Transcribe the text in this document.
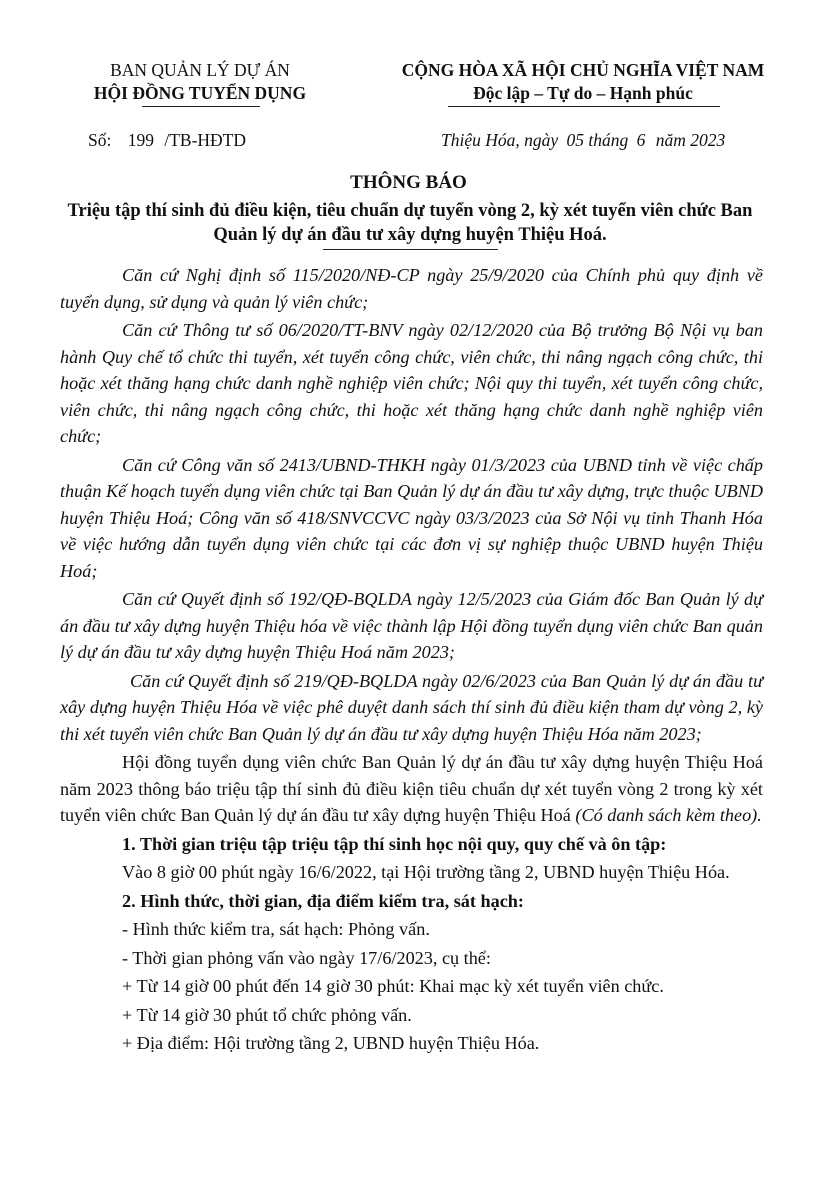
BAN QUẢN LÝ DỰ ÁN
HỘI ĐỒNG TUYỂN DỤNG
CỘNG HÒA XÃ HỘI CHỦ NGHĨA VIỆT NAM
Độc lập – Tự do – Hạnh phúc
Số: 199 /TB-HĐTD	Thiệu Hóa, ngày 05 tháng 6 năm 2023
THÔNG BÁO
Triệu tập thí sinh đủ điều kiện, tiêu chuẩn dự tuyển vòng 2, kỳ xét tuyển viên chức Ban Quản lý dự án đầu tư xây dựng huyện Thiệu Hoá.

Căn cứ Nghị định số 115/2020/NĐ-CP ngày 25/9/2020 của Chính phủ quy định về tuyển dụng, sử dụng và quản lý viên chức;

Căn cứ Thông tư số 06/2020/TT-BNV ngày 02/12/2020 của Bộ trưởng Bộ Nội vụ ban hành Quy chế tổ chức thi tuyển, xét tuyển công chức, viên chức, thi nâng ngạch công chức, thi hoặc xét thăng hạng chức danh nghề nghiệp viên chức; Nội quy thi tuyển, xét tuyển công chức, viên chức, thi nâng ngạch công chức, thi hoặc xét thăng hạng chức danh nghề nghiệp viên chức;

Căn cứ Công văn số 2413/UBND-THKH ngày 01/3/2023 của UBND tỉnh về việc chấp thuận Kế hoạch tuyển dụng viên chức tại Ban Quản lý dự án đầu tư xây dựng, trực thuộc UBND huyện Thiệu Hoá; Công văn số 418/SNVCCVC ngày 03/3/2023 của Sở Nội vụ tỉnh Thanh Hóa về việc hướng dẫn tuyển dụng viên chức tại các đơn vị sự nghiệp thuộc UBND huyện Thiệu Hoá;

Căn cứ Quyết định số 192/QĐ-BQLDA ngày 12/5/2023 của Giám đốc Ban Quản lý dự án đầu tư xây dựng huyện Thiệu hóa về việc thành lập Hội đồng tuyển dụng viên chức Ban quản lý dự án đầu tư xây dựng huyện Thiệu Hoá năm 2023;

Căn cứ Quyết định số 219/QĐ-BQLDA ngày 02/6/2023 của Ban Quản lý dự án đầu tư xây dựng huyện Thiệu Hóa về việc phê duyệt danh sách thí sinh đủ điều kiện tham dự vòng 2, kỳ thi xét tuyển viên chức Ban Quản lý dự án đầu tư xây dựng huyện Thiệu Hóa năm 2023;

Hội đồng tuyển dụng viên chức Ban Quản lý dự án đầu tư xây dựng huyện Thiệu Hoá năm 2023 thông báo triệu tập thí sinh đủ điều kiện tiêu chuẩn dự xét tuyển vòng 2 trong kỳ xét tuyển viên chức Ban Quản lý dự án đầu tư xây dựng huyện Thiệu Hoá (Có danh sách kèm theo).

1. Thời gian triệu tập triệu tập thí sinh học nội quy, quy chế và ôn tập:

Vào 8 giờ 00 phút ngày 16/6/2022, tại Hội trường tầng 2, UBND huyện Thiệu Hóa.

2. Hình thức, thời gian, địa điểm kiểm tra, sát hạch:

- Hình thức kiểm tra, sát hạch: Phỏng vấn.
- Thời gian phỏng vấn vào ngày 17/6/2023, cụ thể:
+ Từ 14 giờ 00 phút đến 14 giờ 30 phút: Khai mạc kỳ xét tuyển viên chức.
+ Từ 14 giờ 30 phút tổ chức phỏng vấn.
+ Địa điểm: Hội trường tầng 2, UBND huyện Thiệu Hóa.
